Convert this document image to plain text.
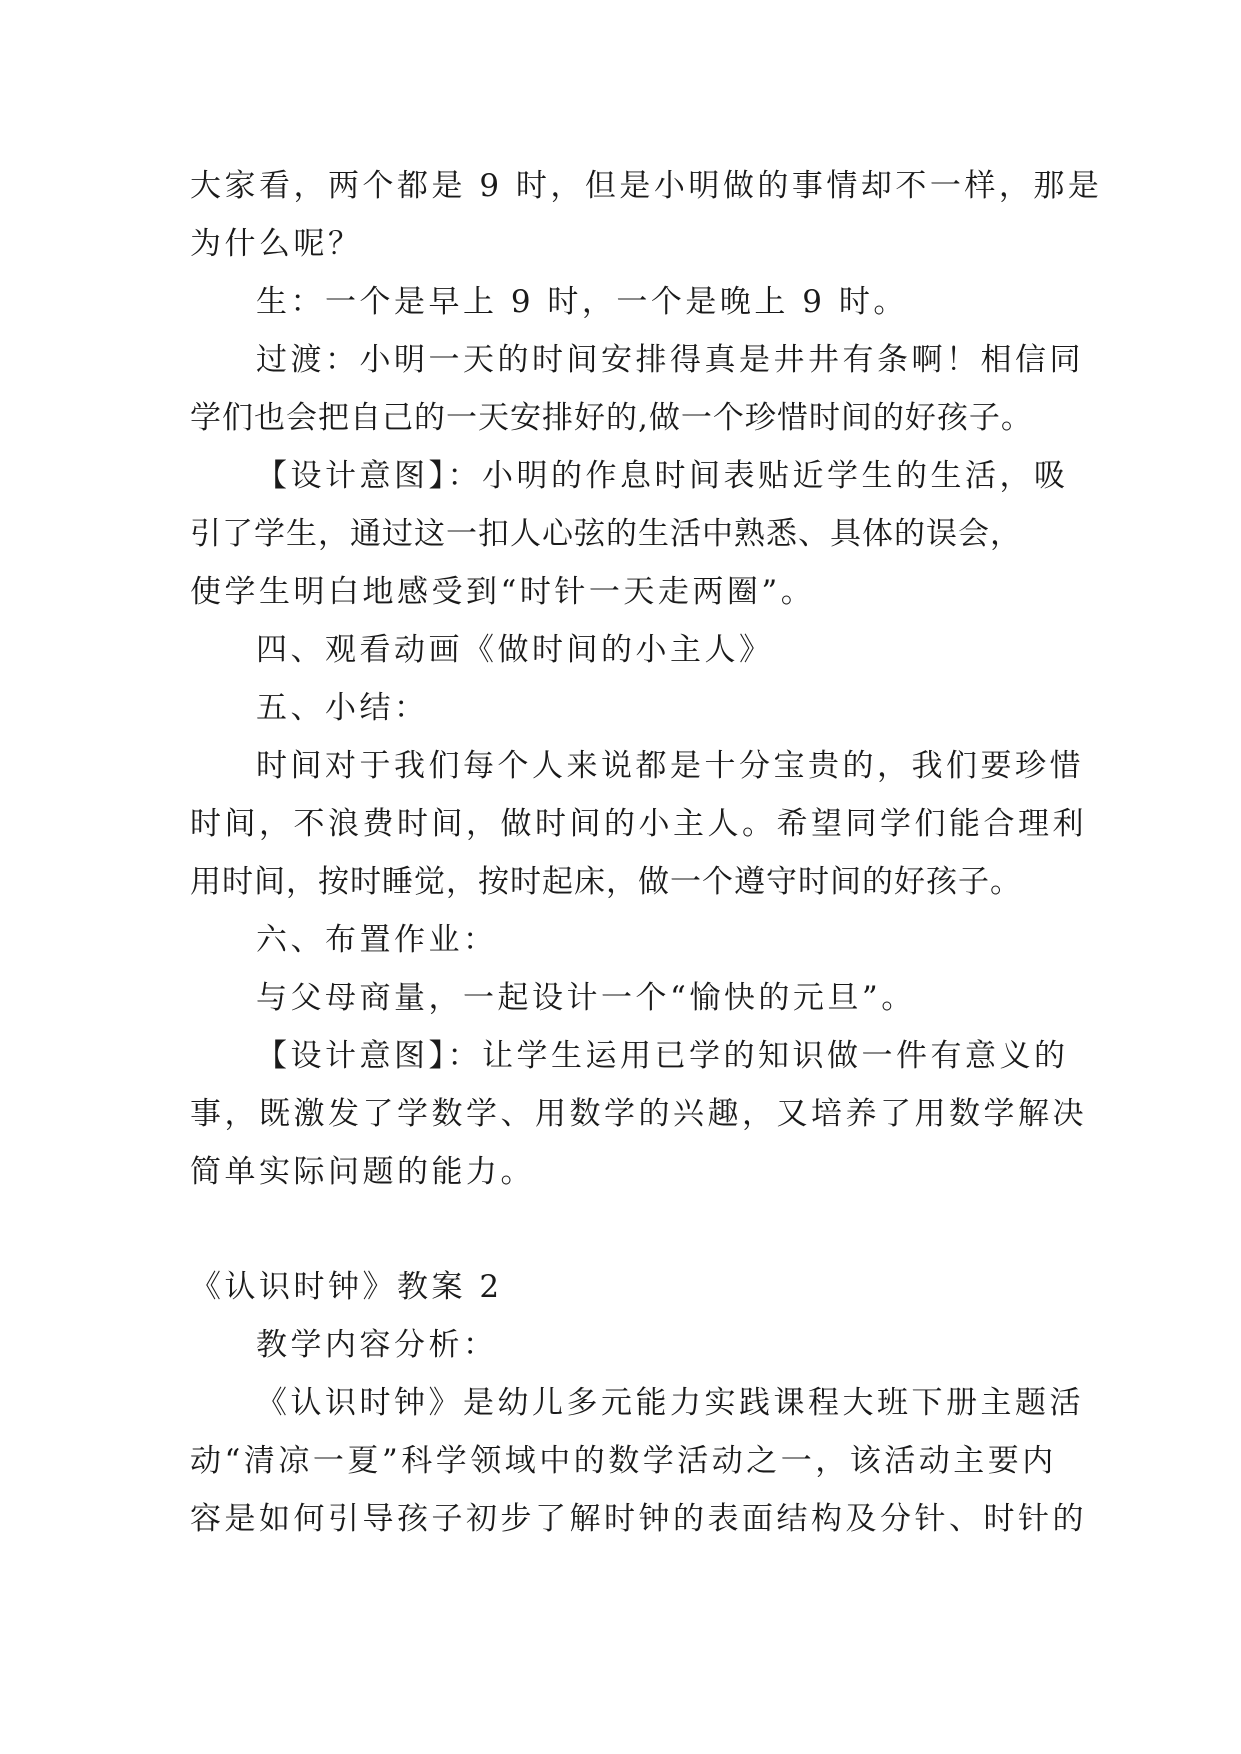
大家看，两个都是 9 时，但是小明做的事情却不一样，那是
为什么呢？
生：一个是早上 9 时，一个是晚上 9 时。
过渡：小明一天的时间安排得真是井井有条啊！相信同
学们也会把自己的一天安排好的,做一个珍惜时间的好孩子。
【设计意图】：小明的作息时间表贴近学生的生活，吸
引了学生，通过这一扣人心弦的生活中熟悉、具体的误会，
使学生明白地感受到“时针一天走两圈”。
四、观看动画《做时间的小主人》
五、小结：
时间对于我们每个人来说都是十分宝贵的，我们要珍惜
时间，不浪费时间，做时间的小主人。希望同学们能合理利
用时间，按时睡觉，按时起床，做一个遵守时间的好孩子。
六、布置作业：
与父母商量，一起设计一个“愉快的元旦”。
【设计意图】：让学生运用已学的知识做一件有意义的
事，既激发了学数学、用数学的兴趣，又培养了用数学解决
简单实际问题的能力。
《认识时钟》教案 2
教学内容分析：
《认识时钟》是幼儿多元能力实践课程大班下册主题活
动“清凉一夏”科学领域中的数学活动之一，该活动主要内
容是如何引导孩子初步了解时钟的表面结构及分针、时针的
